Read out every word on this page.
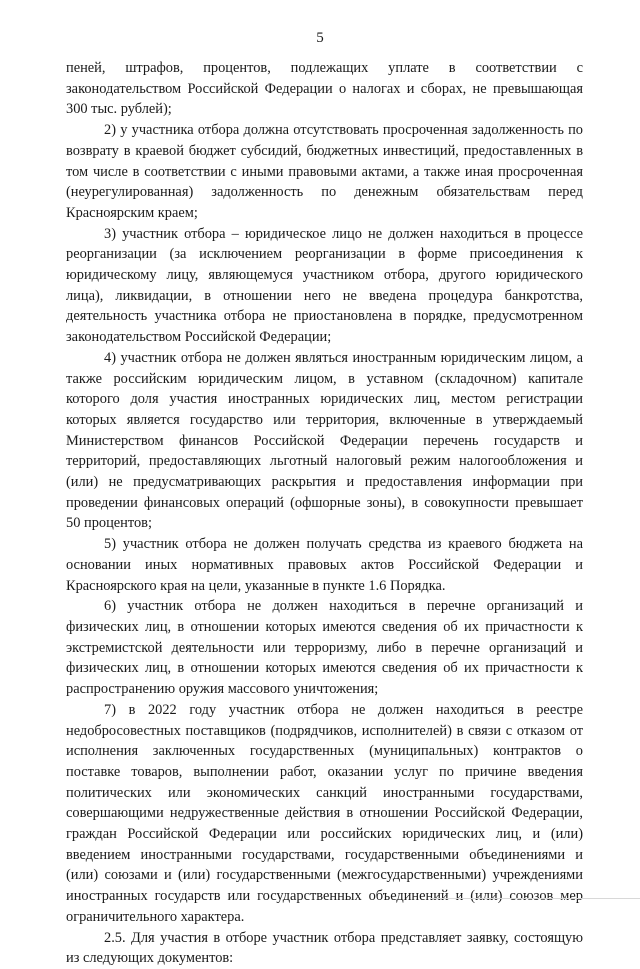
5

пеней, штрафов, процентов, подлежащих уплате в соответствии с законодательством Российской Федерации о налогах и сборах, не превышающая 300 тыс. рублей);

2) у участника отбора должна отсутствовать просроченная задолженность по возврату в краевой бюджет субсидий, бюджетных инвестиций, предоставленных в том числе в соответствии с иными правовыми актами, а также иная просроченная (неурегулированная) задолженность по денежным обязательствам перед Красноярским краем;

3) участник отбора – юридическое лицо не должен находиться в процессе реорганизации (за исключением реорганизации в форме присоединения к юридическому лицу, являющемуся участником отбора, другого юридического лица), ликвидации, в отношении него не введена процедура банкротства, деятельность участника отбора не приостановлена в порядке, предусмотренном законодательством Российской Федерации;

4) участник отбора не должен являться иностранным юридическим лицом, а также российским юридическим лицом, в уставном (складочном) капитале которого доля участия иностранных юридических лиц, местом регистрации которых является государство или территория, включенные в утверждаемый Министерством финансов Российской Федерации перечень государств и территорий, предоставляющих льготный налоговый режим налогообложения и (или) не предусматривающих раскрытия и предоставления информации при проведении финансовых операций (офшорные зоны), в совокупности превышает 50 процентов;

5) участник отбора не должен получать средства из краевого бюджета на основании иных нормативных правовых актов Российской Федерации и Красноярского края на цели, указанные в пункте 1.6 Порядка.

6) участник отбора не должен находиться в перечне организаций и физических лиц, в отношении которых имеются сведения об их причастности к экстремистской деятельности или терроризму, либо в перечне организаций и физических лиц, в отношении которых имеются сведения об их причастности к распространению оружия массового уничтожения;

7) в 2022 году участник отбора не должен находиться в реестре недобросовестных поставщиков (подрядчиков, исполнителей) в связи с отказом от исполнения заключенных государственных (муниципальных) контрактов о поставке товаров, выполнении работ, оказании услуг по причине введения политических или экономических санкций иностранными государствами, совершающими недружественные действия в отношении Российской Федерации, граждан Российской Федерации или российских юридических лиц, и (или) введением иностранными государствами, государственными объединениями и (или) союзами и (или) государственными (межгосударственными) учреждениями иностранных государств или государственных объединений и (или) союзов мер ограничительного характера.

2.5. Для участия в отборе участник отбора представляет заявку, состоящую из следующих документов:
